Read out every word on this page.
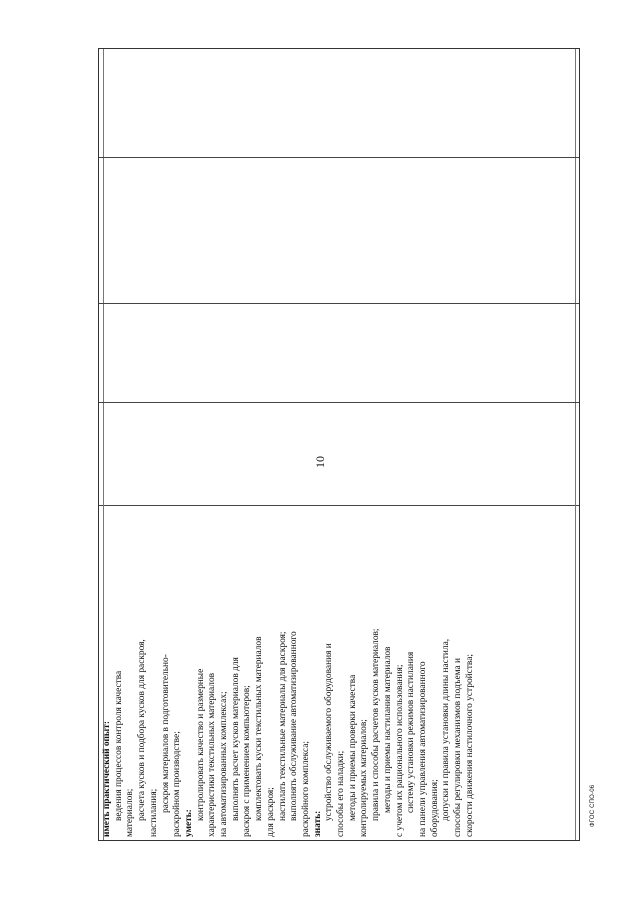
10
иметь практический опыт: ведения процессов контроля качества материалов; расчета кусков и подбора кусков для раскроя, настилания; раскроя материалов в подготовительно- раскройном производстве; уметь:
контролировать качество и размерные характеристики текстильных материалов на автоматизированных комплексах; выполнять расчет кусков материалов для раскроя с применением компьютеров; комплектовать куски текстильных материалов для раскроя; настилать текстильные материалы для раскроя; выполнять обслуживание автоматизированного раскройного комплекса; знать:
устройство обслуживаемого оборудования и способы его наладки; методы и приемы проверки качества контролируемых материалов; правила и способы расчетов кусков материалов; методы и приемы настилания материалов с учетом их рационального использования; систему установки режимов настилания на панели управления автоматизированного оборудования; допуски и правила установки длины настила, способы регулировки механизмов подъема и скорости движения настилочного устройства;	ФГОС СПО-06
